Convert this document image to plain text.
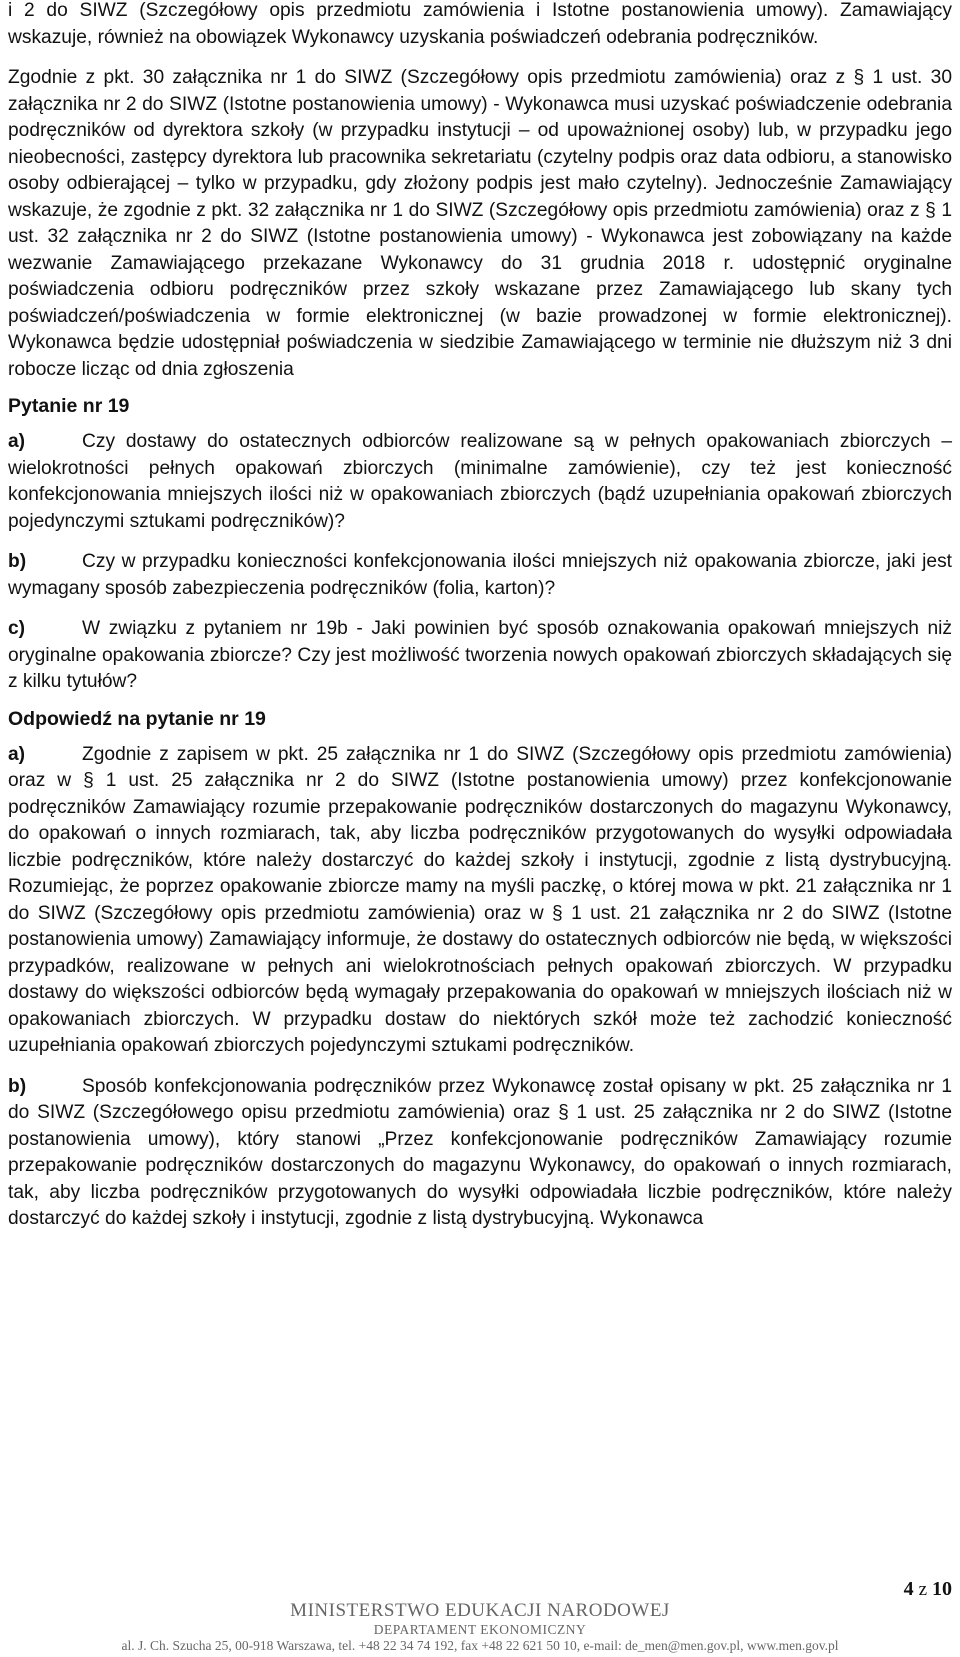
i 2 do SIWZ (Szczegółowy opis przedmiotu zamówienia i Istotne postanowienia umowy). Zamawiający wskazuje, również na obowiązek Wykonawcy uzyskania poświadczeń odebrania podręczników.

Zgodnie z pkt. 30 załącznika nr 1 do SIWZ (Szczegółowy opis przedmiotu zamówienia) oraz z § 1 ust. 30 załącznika nr 2 do SIWZ (Istotne postanowienia umowy) - Wykonawca musi uzyskać poświadczenie odebrania podręczników od dyrektora szkoły (w przypadku instytucji – od upoważnionej osoby) lub, w przypadku jego nieobecności, zastępcy dyrektora lub pracownika sekretariatu (czytelny podpis oraz data odbioru, a stanowisko osoby odbierającej – tylko w przypadku, gdy złożony podpis jest mało czytelny). Jednocześnie Zamawiający wskazuje, że zgodnie z pkt. 32 załącznika nr 1 do SIWZ (Szczegółowy opis przedmiotu zamówienia) oraz z § 1 ust. 32 załącznika nr 2 do SIWZ (Istotne postanowienia umowy) - Wykonawca jest zobowiązany na każde wezwanie Zamawiającego przekazane Wykonawcy do 31 grudnia 2018 r. udostępnić oryginalne poświadczenia odbioru podręczników przez szkoły wskazane przez Zamawiającego lub skany tych poświadczeń/poświadczenia w formie elektronicznej (w bazie prowadzonej w formie elektronicznej). Wykonawca będzie udostępniał poświadczenia w siedzibie Zamawiającego w terminie nie dłuższym niż 3 dni robocze licząc od dnia zgłoszenia

Pytanie nr 19

a)	Czy dostawy do ostatecznych odbiorców realizowane są w pełnych opakowaniach zbiorczych – wielokrotności pełnych opakowań zbiorczych (minimalne zamówienie), czy też jest konieczność konfekcjonowania mniejszych ilości niż w opakowaniach zbiorczych (bądź uzupełniania opakowań zbiorczych pojedynczymi sztukami podręczników)?

b)	Czy w przypadku konieczności konfekcjonowania ilości mniejszych niż opakowania zbiorcze, jaki jest wymagany sposób zabezpieczenia podręczników (folia, karton)?

c)	W związku z pytaniem nr 19b - Jaki powinien być sposób oznakowania opakowań mniejszych niż oryginalne opakowania zbiorcze? Czy jest możliwość tworzenia nowych opakowań zbiorczych składających się z kilku tytułów?

Odpowiedź na pytanie nr 19

a)	Zgodnie z zapisem w pkt. 25 załącznika nr 1 do SIWZ (Szczegółowy opis przedmiotu zamówienia) oraz w § 1 ust. 25 załącznika nr 2 do SIWZ (Istotne postanowienia umowy) przez konfekcjonowanie podręczników Zamawiający rozumie przepakowanie podręczników dostarczonych do magazynu Wykonawcy, do opakowań o innych rozmiarach, tak, aby liczba podręczników przygotowanych do wysyłki odpowiadała liczbie podręczników, które należy dostarczyć do każdej szkoły i instytucji, zgodnie z listą dystrybucyjną. Rozumiejąc, że poprzez opakowanie zbiorcze mamy na myśli paczkę, o której mowa w pkt. 21 załącznika nr 1 do SIWZ (Szczegółowy opis przedmiotu zamówienia) oraz w § 1 ust. 21 załącznika nr 2 do SIWZ (Istotne postanowienia umowy) Zamawiający informuje, że dostawy do ostatecznych odbiorców nie będą, w większości przypadków, realizowane w pełnych ani wielokrotnościach pełnych opakowań zbiorczych. W przypadku dostawy do większości odbiorców będą wymagały przepakowania do opakowań w mniejszych ilościach niż w opakowaniach zbiorczych. W przypadku dostaw do niektórych szkół może też zachodzić konieczność uzupełniania opakowań zbiorczych pojedynczymi sztukami podręczników.

b)	Sposób konfekcjonowania podręczników przez Wykonawcę został opisany w pkt. 25 załącznika nr 1 do SIWZ (Szczegółowego opisu przedmiotu zamówienia) oraz § 1 ust. 25 załącznika nr 2 do SIWZ (Istotne postanowienia umowy), który stanowi „Przez konfekcjonowanie podręczników Zamawiający rozumie przepakowanie podręczników dostarczonych do magazynu Wykonawcy, do opakowań o innych rozmiarach, tak, aby liczba podręczników przygotowanych do wysyłki odpowiadała liczbie podręczników, które należy dostarczyć do każdej szkoły i instytucji, zgodnie z listą dystrybucyjną. Wykonawca

4 z 10
MINISTERSTWO EDUKACJI NARODOWEJ
DEPARTAMENT EKONOMICZNY
al. J. Ch. Szucha 25, 00-918 Warszawa, tel. +48 22 34 74 192, fax +48 22 621 50 10, e-mail: de_men@men.gov.pl, www.men.gov.pl
